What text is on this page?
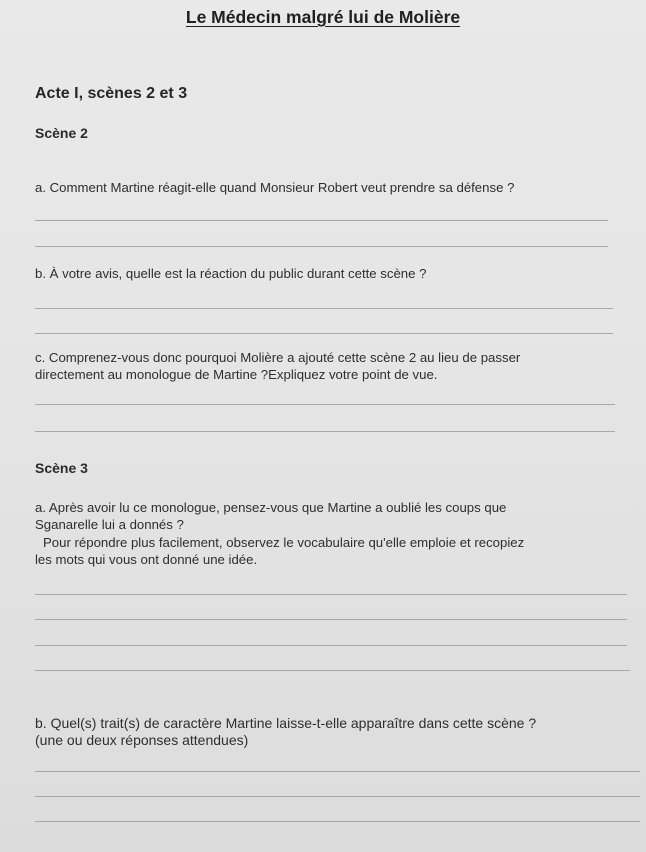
Le Médecin malgré lui de Molière
Acte I, scènes 2 et 3
Scène 2
a. Comment Martine réagit-elle quand Monsieur Robert veut prendre sa défense ?
b. À votre avis, quelle est la réaction du public durant cette scène ?
c. Comprenez-vous donc pourquoi Molière a ajouté cette scène 2 au lieu de passer
directement au monologue de Martine ?Expliquez votre point de vue.
Scène 3
a. Après avoir lu ce monologue, pensez-vous que Martine a oublié les coups que
Sganarelle lui a donnés ?
Pour répondre plus facilement, observez le vocabulaire qu'elle emploie et recopiez
les mots qui vous ont donné une idée.
b. Quel(s) trait(s) de caractère Martine laisse-t-elle apparaître dans cette scène ?
(une ou deux réponses attendues)
